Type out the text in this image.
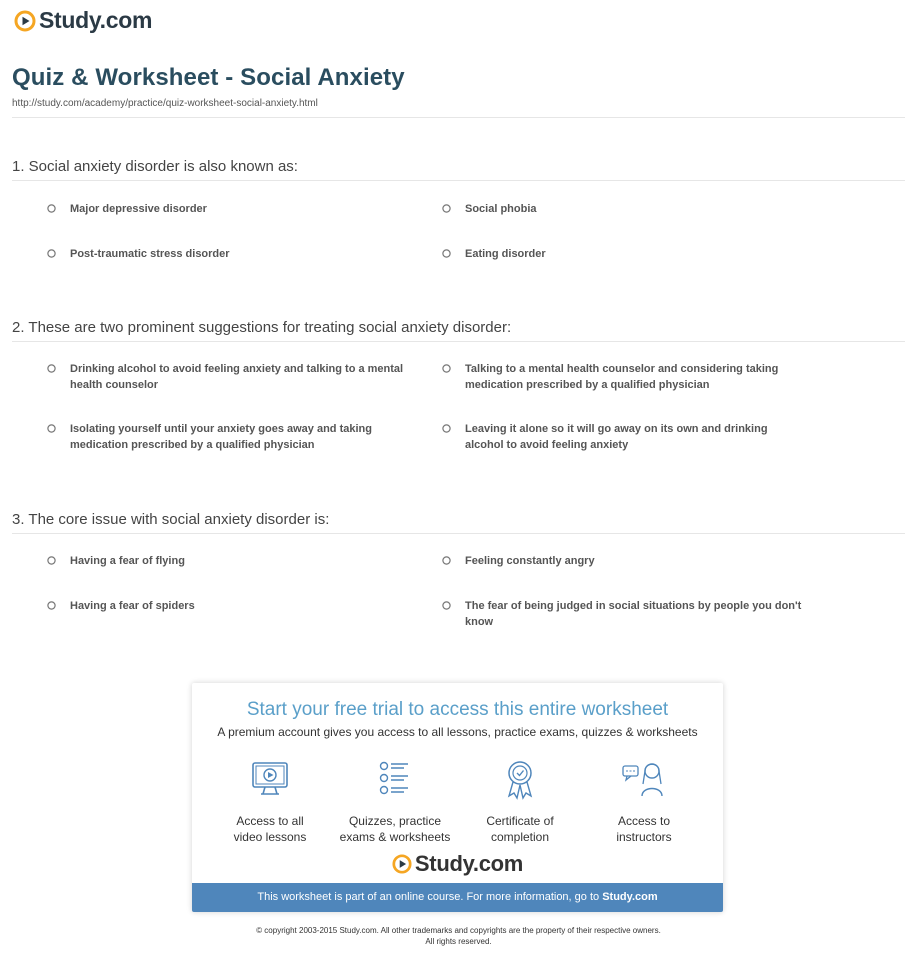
Study.com
Quiz & Worksheet - Social Anxiety
http://study.com/academy/practice/quiz-worksheet-social-anxiety.html
1. Social anxiety disorder is also known as:
Major depressive disorder	Social phobia
Post-traumatic stress disorder	Eating disorder
2. These are two prominent suggestions for treating social anxiety disorder:
Drinking alcohol to avoid feeling anxiety and talking to a mental health counselor
Talking to a mental health counselor and considering taking medication prescribed by a qualified physician
Isolating yourself until your anxiety goes away and taking medication prescribed by a qualified physician
Leaving it alone so it will go away on its own and drinking alcohol to avoid feeling anxiety
3. The core issue with social anxiety disorder is:
Having a fear of flying	Feeling constantly angry
Having a fear of spiders	The fear of being judged in social situations by people you don't know
Start your free trial to access this entire worksheet
A premium account gives you access to all lessons, practice exams, quizzes & worksheets
Access to all
video lessons
Quizzes, practice
exams & worksheets
Certificate of
completion
Access to
instructors
Study.com
This worksheet is part of an online course. For more information, go to Study.com
© copyright 2003-2015 Study.com. All other trademarks and copyrights are the property of their respective owners.
All rights reserved.
